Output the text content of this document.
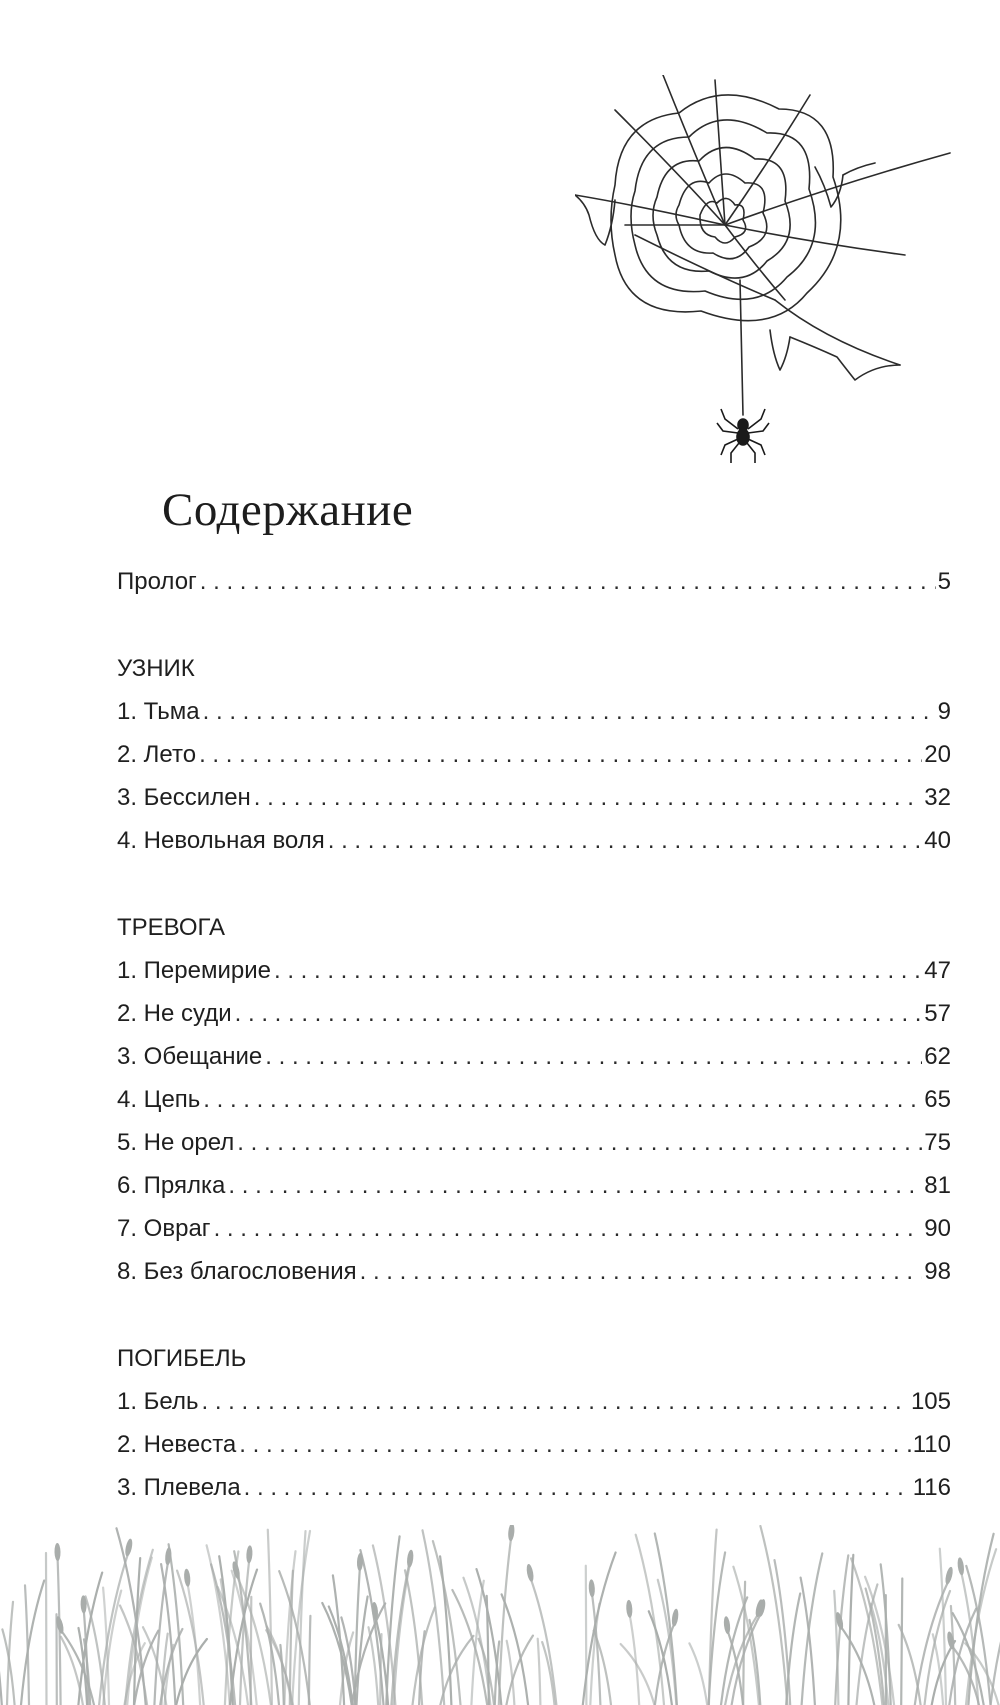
Содержание
Пролог . . .	5
УЗНИК
1. Тьма . . .	9
2. Лето . . .	20
3. Бессилен . . .	32
4. Невольная воля . . .	40
ТРЕВОГА
1. Перемирие . . .	47
2. Не суди . . .	57
3. Обещание . . .	62
4. Цепь . . .	65
5. Не орел . . .	75
6. Прялка . . .	81
7. Овраг . . .	90
8. Без благословения . . .	98
ПОГИБЕЛЬ
1. Бель . . .	105
2. Невеста . . .	110
3. Плевела . . .	116
